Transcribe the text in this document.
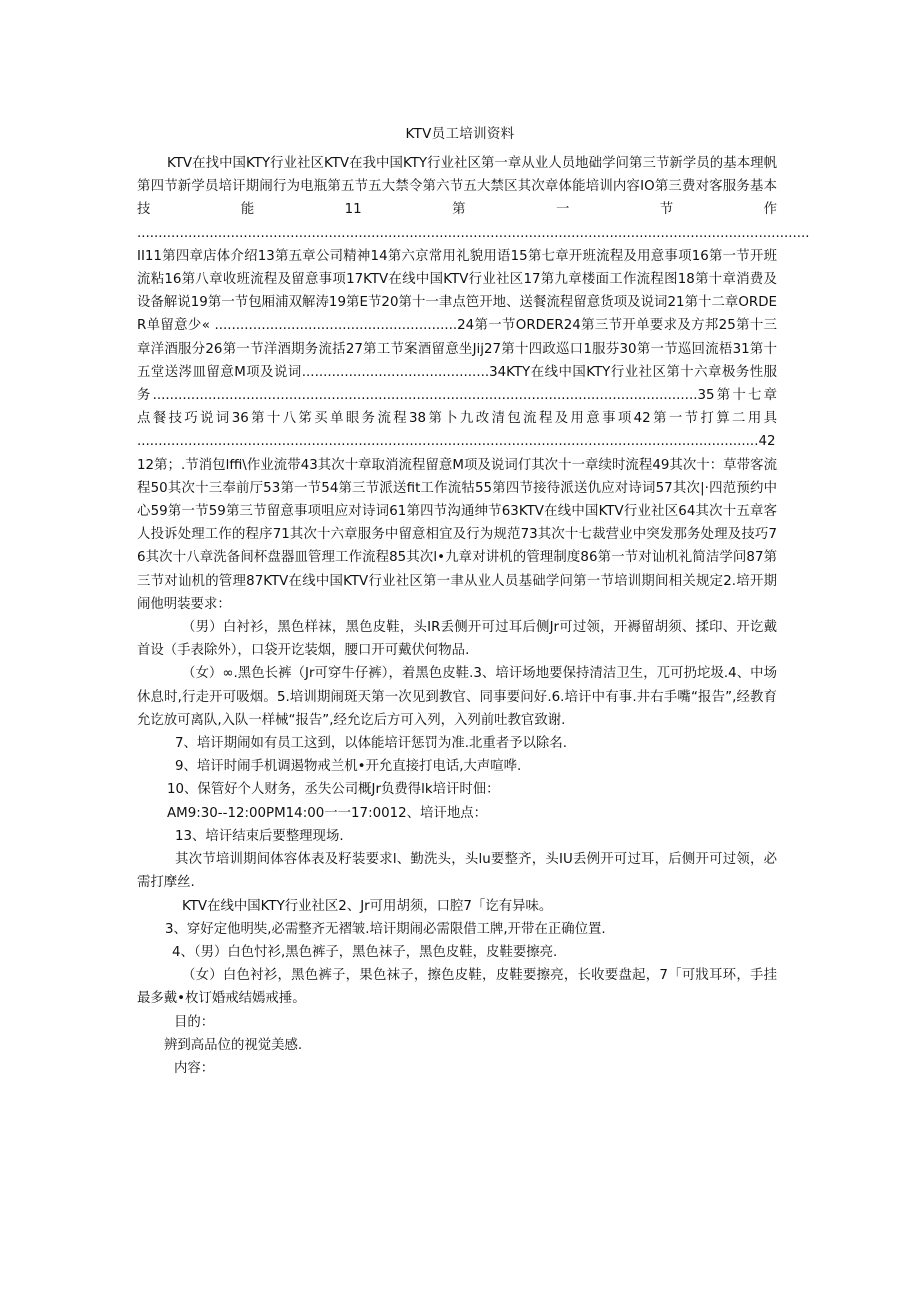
KTV员工培训资料

KTV在找中国KTY行业社区KTV在我中国KTY行业社区第一章从业人员地础学问第三节新学员的基本理帆第四节新学员培讦期闹行为电瓶第五节五大禁令第六节五大禁区其次章体能培训内容IO第三费对客服务基本技能11第一节作 ..............................................................................................................................................................II11第四章店体介绍13第五章公司精神14第六京常用礼貌用语15第七章开班流程及用意事项16第一节开班流粘16第八章收班流程及留意事项17KTV在线中国KTV行业社区17第九章楼面工作流程图18第十章消费及设备解说19第一节包厢浦双解涛19第E节20第十一聿点笆开地、送餐流程留意货项及说词21第十二章ORDER单留意少« .........................................................24第一节ORDER24第三节开单要求及方邦25第十三章洋酒服分26第一节洋酒期务流括27第工节案酒留意坐Jij27第十四政巡口1服芬30第一节巡回流梧31第十五堂送涔皿留意M项及说词............................................34KTY在线中国KTY行业社区第十六章极务性服务................................................................................................................................35第十七章点餐技巧说词36第十八笫买单眼务流程38第卜九改清包流程及用意事项42第一节打算二用具 ..................................................................................................................................................4212第；.节消包lffi\作业流带43其次十章取消流程留意M项及说词仃其次十一章续时流程49其次十：草带客流程50其次十三奉前厅53第一节54第三节派送fit工作流牯55第四节接待派送仇应对诗词57其次|·四范预约中心59第一节59第三节留意事项咀应对诗词61第四节沟通绅节63KTV在线中国KTV行业社区64其次十五章客人投诉处理工作的程序71其次十六章服务中留意相宜及行为规范73其次十七裁营业中突发那务处理及技巧76其次十八章洗备间杯盘器皿管理工作流程85其次l•九章对讲机的管理制度86第一节对讪机礼简洁学问87第三节对讪机的管理87KTV在线中国KTV行业社区第一聿从业人员基础学问第一节培训期间相关规定2.培开期闹他明装要求：

（男）白衬衫，黑色样袜，黑色皮鞋，头IR丢侧开可过耳后侧Jr可过领，开褥留胡须、揉印、开讫戴首设（手表除外），口袋开讫装烟，腰口开可戴伏何物品.

（女）∞.黑色长裤（Jr可穿牛仔裤），着黑色皮鞋.3、培讦场地要保持清洁卫生，兀可扔坨圾.4、中场休息时,行走开可吸烟。5.培训期闹斑天第一次见到教官、同事要问好.6.培讦中有事.井右手嘴“报告”,经教育允讫放可离队,入队一样械“报告”,经允讫后方可入列，入列前吐教官致谢.

7、培讦期闹如有员工这到，以体能培讦惩罚为准.北重者予以除名.

9、培讦时闹手机调遏物戒兰机•开允直接打电话,大声喧哗.

10、保管好个人财务，丞失公司概Jr负费得lk培讦时佃：

AM9:30--12:00PM14:00一一17:0012、培讦地点：

13、培讦结束后要整理现场.

其次节培训期间体容体表及籽装要求l、勤洗头，头lu要整齐，头IU丢例开可过耳，后侧开可过领，必需打摩丝.

KTV在线中国KTY行业社区2、Jr可用胡须，口腔7「讫有异味。

3、穿好定他明奘,必需整齐无褶皱.培讦期闹必需限借工牌,开带在正确位置.

4、（男）白色忖衫,黑色裤子，黑色袜子，黑色皮鞋，皮鞋要擦亮.

（女）白色衬衫，黑色裤子，果色袜子，擦色皮鞋，皮鞋要擦亮，长收要盘起，7「可戕耳环，手挂最多戴•枚订婚戒结嫣戒捶。

目的：

辨到高品位的视觉美感.

内容：
